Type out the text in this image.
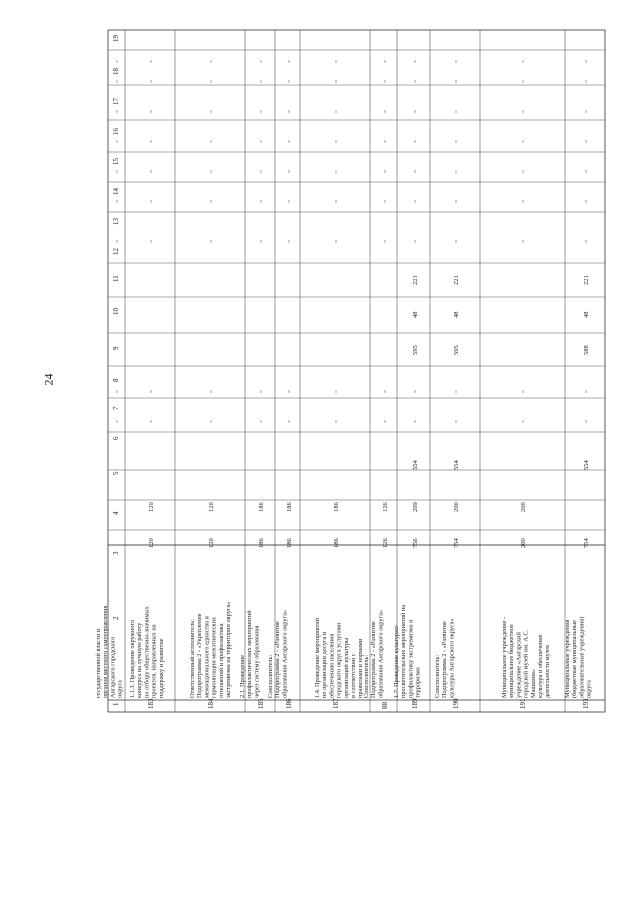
24
1
2
3
4
5
6
7
8
9
10
11
12
13
14
15
16
17
18
19
государственной власти и органов местного самоуправления Ангарского городского округа
183
1.1.3. Проведение окружного конкурса на лучшую работу по отбору общественно-значимых проектов, направленных на поддержку и развитие
120
120
184
Ответственный исполнитель: Подпрограмма 2 - «Укрепление межнационального единства и гармонизации межэтнических отношений и профилактика экстремизма на территории округа»
120
120
185
2.1. Проведение профилактических мероприятий через систему образования
186
186
186
Соисполнитель: Подпрограмма 2 - «Развитие образования Ангарского округа»
186
186
187
1.4. Проведение мероприятий по организации досуга и обеспечению населения городского округа услугами организаций культуры в соответствии с правилами и нормами
186
186
88
Соисполнитель: Подпрограмма 2 - «Развитие образования Ангарского округа»
126
126
189
1.7. Проведение культурно- просветительских мероприятий на профилактику экстремизма и терроризма
756
209
554
595
48
221
190
Соисполнитель: Подпрограмма 2 - «Развитие культуры Ангарского округа»
754
200
554
595
48
221
191
Муниципальное учреждение - муниципальное бюджетное учреждение «Ангарский городской музей им. А.С. Машкина» культура и обеспечение деятельности музея
200
200
193
Муниципальные учреждения (бюджетные муниципальные образовательные учреждения) округа
754
554
588
48
221
